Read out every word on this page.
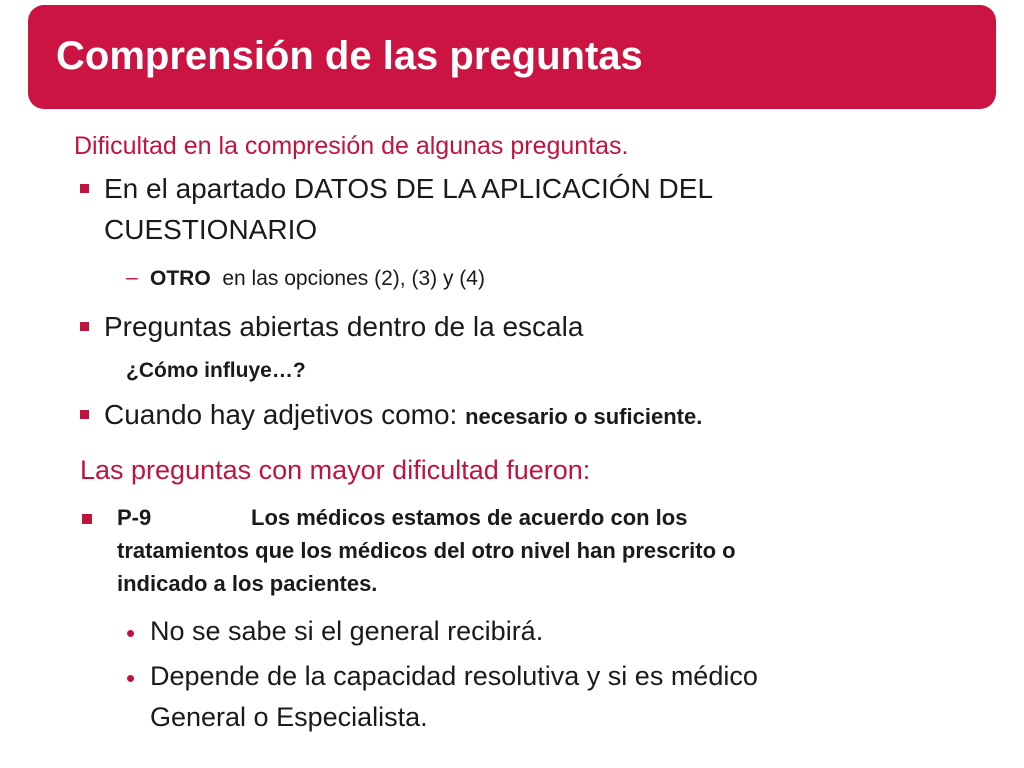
Comprensión de las preguntas
Dificultad en la compresión de algunas preguntas.
En el apartado DATOS DE LA APLICACIÓN DEL
CUESTIONARIO
– OTRO en las opciones (2), (3) y (4)
Preguntas abiertas dentro de la escala
¿Cómo influye…?
Cuando hay adjetivos como: necesario o suficiente.
Las preguntas con mayor dificultad fueron:
P-9	Los médicos estamos de acuerdo con los
tratamientos que los médicos del otro nivel han prescrito o
indicado a los pacientes.
• No se sabe si el general recibirá.
• Depende de la capacidad resolutiva y si es médico
General o Especialista.
